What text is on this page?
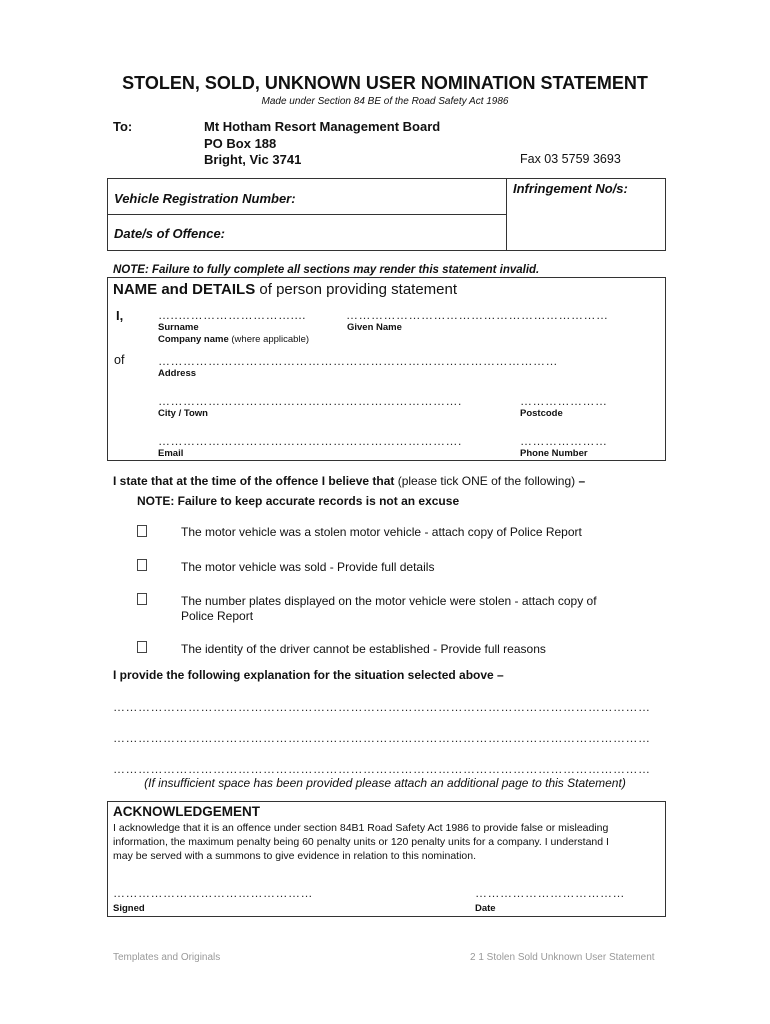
STOLEN, SOLD, UNKNOWN USER NOMINATION STATEMENT
Made under Section 84 BE of the Road Safety Act 1986
To:	Mt Hotham Resort Management Board
PO Box 188
Bright, Vic 3741	Fax 03 5759 3693
Vehicle Registration Number:
Date/s of Offence:
Infringement No/s:
NOTE: Failure to fully complete all sections may render this statement invalid.
NAME and DETAILS of person providing statement
I,	…..………………………....	………………………………………………………
Surname	Given Name
Company name (where applicable)
of	……………………………………………………………………………………
Address
……………………………………………………………….	…………………
City / Town	Postcode
……………………………………………………………….	…………………
Email	Phone Number
I state that at the time of the offence I believe that (please tick ONE of the following) –
NOTE: Failure to keep accurate records is not an excuse
The motor vehicle was a stolen motor vehicle - attach copy of Police Report
The motor vehicle was sold - Provide full details
The number plates displayed on the motor vehicle were stolen - attach copy of
Police Report
The identity of the driver cannot be established - Provide full reasons
I provide the following explanation for the situation selected above –
…………………………………………………………………………………………………………………
…………………………………………………………………………………………………………………
…………………………………………………………………………………………………………………
(If insufficient space has been provided please attach an additional page to this Statement)
ACKNOWLEDGEMENT
I acknowledge that it is an offence under section 84B1 Road Safety Act 1986 to provide false or misleading
information, the maximum penalty being 60 penalty units or 120 penalty units for a company. I understand I
may be served with a summons to give evidence in relation to this nomination.
…………………………………………	………………………………
Signed	Date
Templates and Originals	2 1 Stolen Sold Unknown User Statement
